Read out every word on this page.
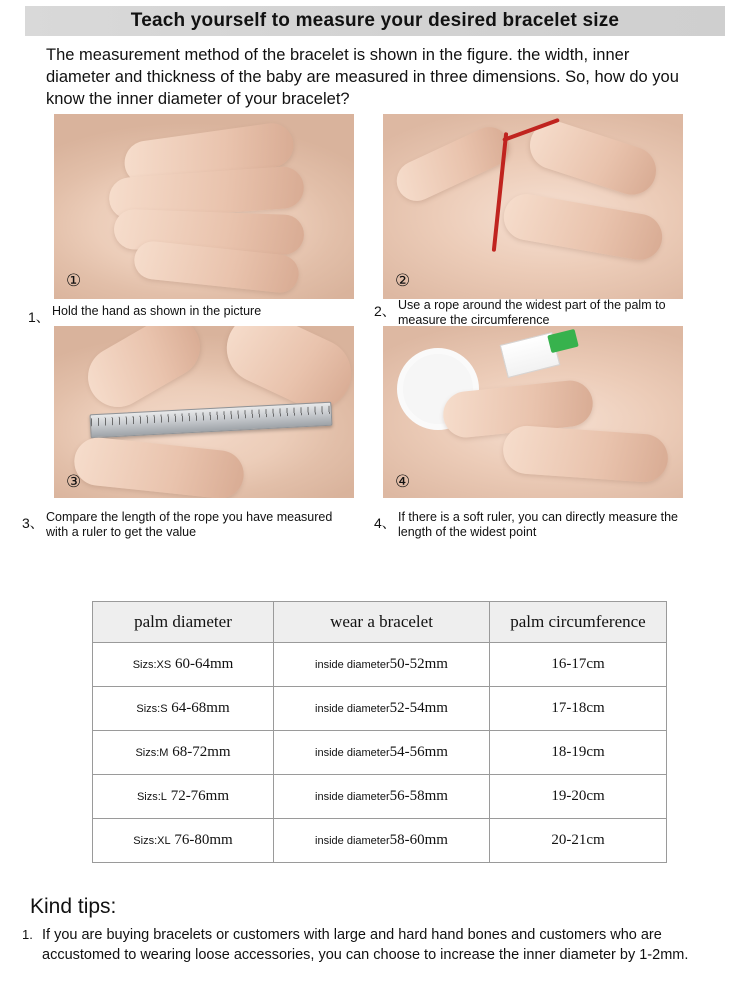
Teach yourself to measure your desired bracelet size
The measurement method of the bracelet is shown in the figure. the width, inner diameter and thickness of the baby are measured in three dimensions. So, how do you know the inner diameter of your bracelet?
①	②
③	④
1、 Hold the hand as shown in the picture	2、 Use a rope around the widest part of the palm to measure the circumference
3、 Compare the length of the rope you have measured with a ruler to get the value
4、 If there is a soft ruler, you can directly measure the length of the widest point
palm diameter	wear a bracelet	palm circumference
Sizs:XS 60-64mm	inside diameter50-52mm	16-17cm
Sizs:S 64-68mm	inside diameter52-54mm	17-18cm
Sizs:M 68-72mm	inside diameter54-56mm	18-19cm
Sizs:L 72-76mm	inside diameter56-58mm	19-20cm
Sizs:XL 76-80mm	inside diameter58-60mm	20-21cm
Kind tips:
1. If you are buying bracelets or customers with large and hard hand bones and customers who are accustomed to wearing loose accessories, you can choose to increase the inner diameter by 1-2mm.
